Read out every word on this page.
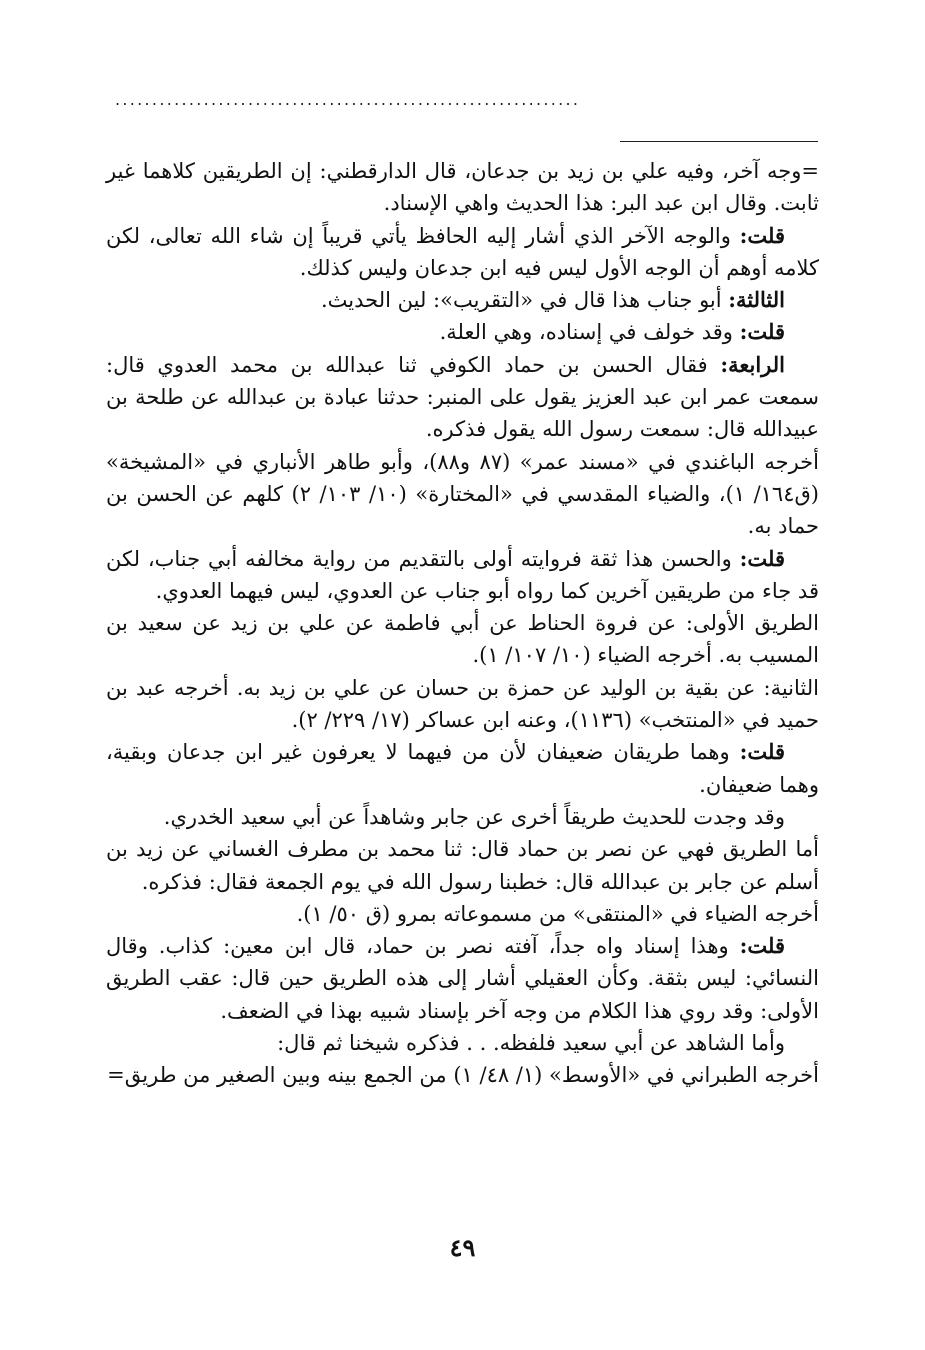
...............................................................

=وجه آخر، وفيه علي بن زيد بن جدعان، قال الدارقطني: إن الطريقين كلاهما غير ثابت. وقال ابن عبد البر: هذا الحديث واهي الإسناد.

قلت: والوجه الآخر الذي أشار إليه الحافظ يأتي قريباً إن شاء الله تعالى، لكن كلامه أوهم أن الوجه الأول ليس فيه ابن جدعان وليس كذلك.

الثالثة: أبو جناب هذا قال في «التقريب»: لين الحديث.

قلت: وقد خولف في إسناده، وهي العلة.

الرابعة: فقال الحسن بن حماد الكوفي ثنا عبدالله بن محمد العدوي قال: سمعت عمر ابن عبد العزيز يقول على المنبر: حدثنا عبادة بن عبدالله عن طلحة بن عبيدالله قال: سمعت رسول الله يقول فذكره.

أخرجه الباغندي في «مسند عمر» (٨٧ و٨٨)، وأبو طاهر الأنباري في «المشيخة» (ق١٦٤/ ١)، والضياء المقدسي في «المختارة» (١٠/ ١٠٣/ ٢) كلهم عن الحسن بن حماد به.

قلت: والحسن هذا ثقة فروايته أولى بالتقديم من رواية مخالفه أبي جناب، لكن قد جاء من طريقين آخرين كما رواه أبو جناب عن العدوي، ليس فيهما العدوي.

الطريق الأولى: عن فروة الحناط عن أبي فاطمة عن علي بن زيد عن سعيد بن المسيب به. أخرجه الضياء (١٠/ ١٠٧/ ١).

الثانية: عن بقية بن الوليد عن حمزة بن حسان عن علي بن زيد به. أخرجه عبد بن حميد في «المنتخب» (١١٣٦)، وعنه ابن عساكر (١٧/ ٢٢٩/ ٢).

قلت: وهما طريقان ضعيفان لأن من فيهما لا يعرفون غير ابن جدعان وبقية، وهما ضعيفان.

وقد وجدت للحديث طريقاً أخرى عن جابر وشاهداً عن أبي سعيد الخدري.

أما الطريق فهي عن نصر بن حماد قال: ثنا محمد بن مطرف الغساني عن زيد بن أسلم عن جابر بن عبدالله قال: خطبنا رسول الله في يوم الجمعة فقال: فذكره.

أخرجه الضياء في «المنتقى» من مسموعاته بمرو (ق ٥٠/ ١).

قلت: وهذا إسناد واه جداً، آفته نصر بن حماد، قال ابن معين: كذاب. وقال النسائي: ليس بثقة. وكأن العقيلي أشار إلى هذه الطريق حين قال: عقب الطريق الأولى: وقد روي هذا الكلام من وجه آخر بإسناد شبيه بهذا في الضعف.

وأما الشاهد عن أبي سعيد فلفظه. . . فذكره شيخنا ثم قال:

أخرجه الطبراني في «الأوسط» (١/ ٤٨/ ١) من الجمع بينه وبين الصغير من طريق=

٤٩
